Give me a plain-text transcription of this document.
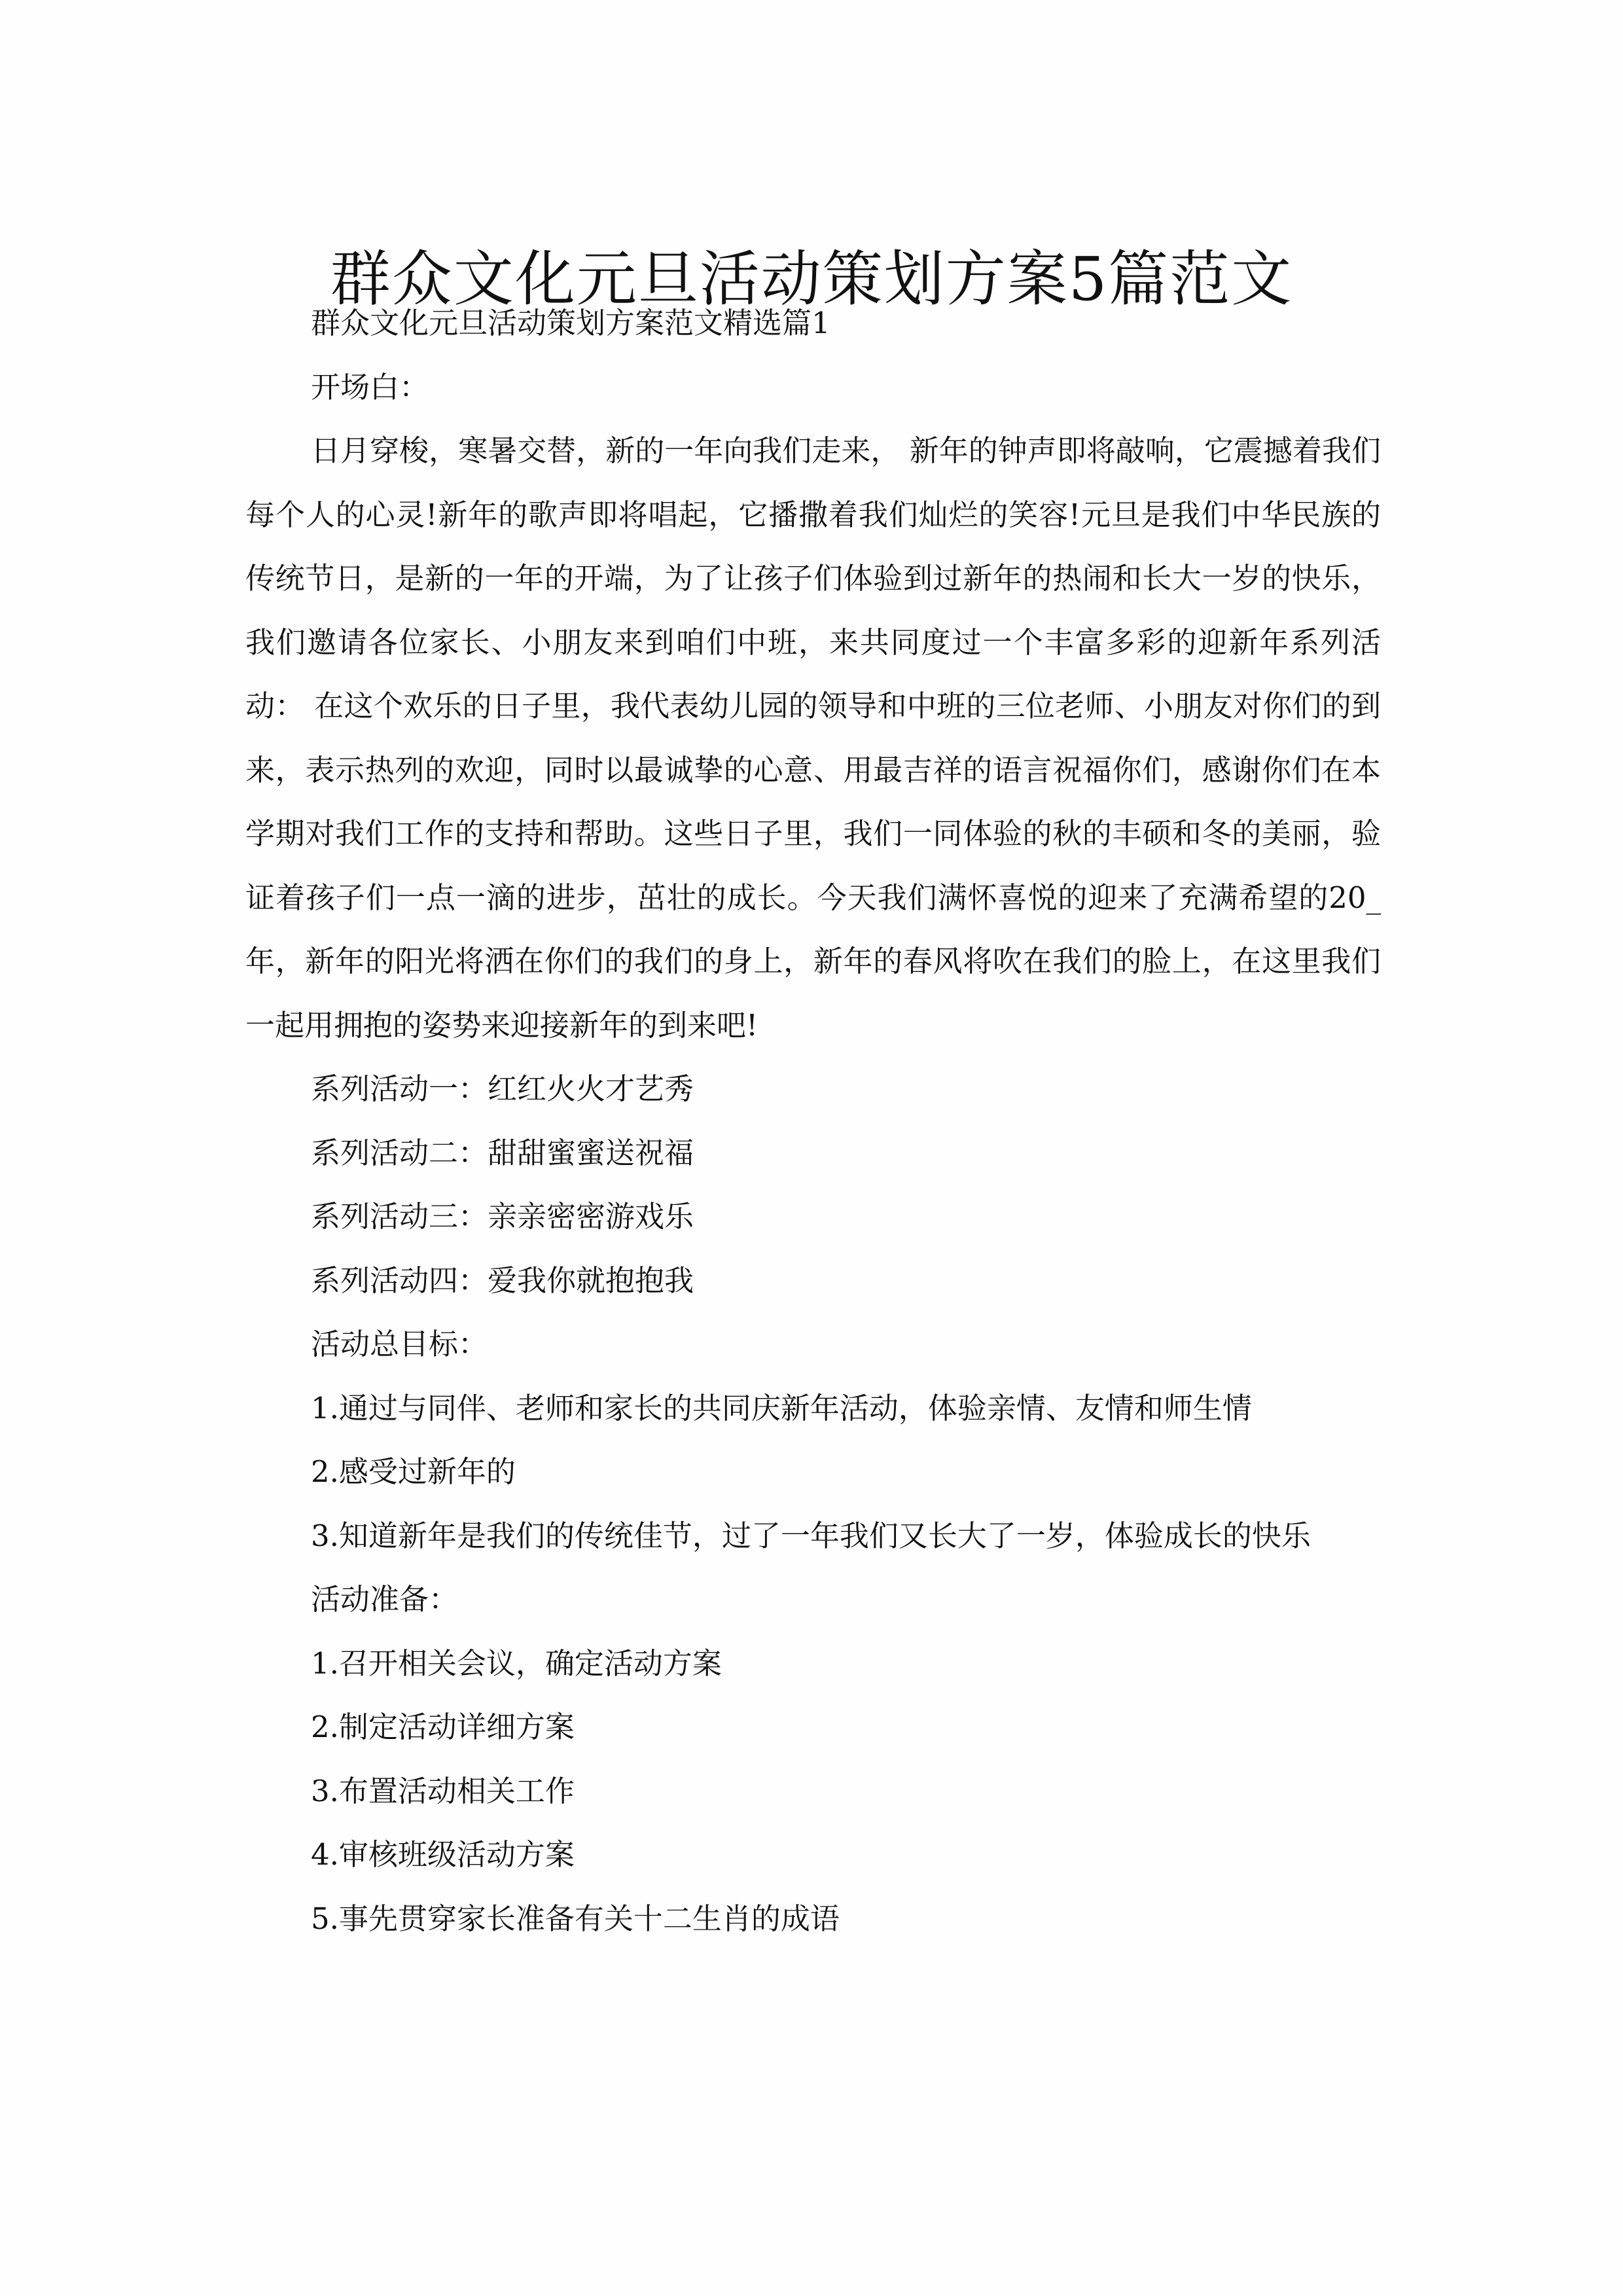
群众文化元旦活动策划方案5篇范文

群众文化元旦活动策划方案范文精选篇1

开场白：

日月穿梭，寒暑交替，新的一年向我们走来， 新年的钟声即将敲响，它震撼着我们每个人的心灵!新年的歌声即将唱起，它播撒着我们灿烂的笑容!元旦是我们中华民族的传统节日，是新的一年的开端，为了让孩子们体验到过新年的热闹和长大一岁的快乐，我们邀请各位家长、小朋友来到咱们中班，来共同度过一个丰富多彩的迎新年系列活动： 在这个欢乐的日子里，我代表幼儿园的领导和中班的三位老师、小朋友对你们的到来，表示热列的欢迎，同时以最诚挚的心意、用最吉祥的语言祝福你们，感谢你们在本学期对我们工作的支持和帮助。这些日子里，我们一同体验的秋的丰硕和冬的美丽，验证着孩子们一点一滴的进步，茁壮的成长。今天我们满怀喜悦的迎来了充满希望的20_年，新年的阳光将洒在你们的我们的身上，新年的春风将吹在我们的脸上，在这里我们一起用拥抱的姿势来迎接新年的到来吧!

系列活动一：红红火火才艺秀

系列活动二：甜甜蜜蜜送祝福

系列活动三：亲亲密密游戏乐

系列活动四：爱我你就抱抱我

活动总目标：

1.通过与同伴、老师和家长的共同庆新年活动，体验亲情、友情和师生情

2.感受过新年的

3.知道新年是我们的传统佳节，过了一年我们又长大了一岁，体验成长的快乐

活动准备：

1.召开相关会议，确定活动方案

2.制定活动详细方案

3.布置活动相关工作

4.审核班级活动方案

5.事先贯穿家长准备有关十二生肖的成语
